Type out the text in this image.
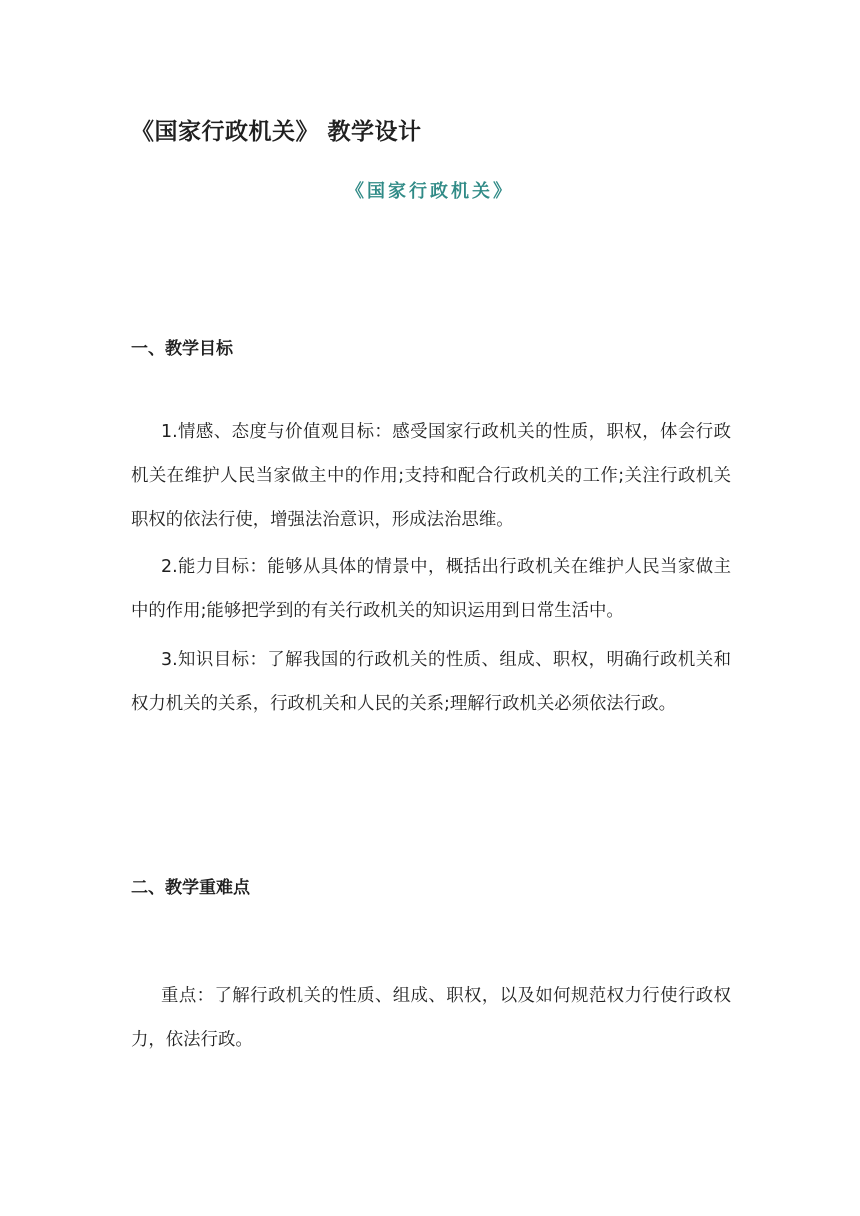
《国家行政机关》 教学设计
《国家行政机关》
一、教学目标

1.情感、态度与价值观目标：感受国家行政机关的性质，职权，体会行政机关在维护人民当家做主中的作用;支持和配合行政机关的工作;关注行政机关职权的依法行使，增强法治意识，形成法治思维。

2.能力目标：能够从具体的情景中，概括出行政机关在维护人民当家做主中的作用;能够把学到的有关行政机关的知识运用到日常生活中。

3.知识目标：了解我国的行政机关的性质、组成、职权，明确行政机关和权力机关的关系，行政机关和人民的关系;理解行政机关必须依法行政。

二、教学重难点

重点：了解行政机关的性质、组成、职权，以及如何规范权力行使行政权力，依法行政。
